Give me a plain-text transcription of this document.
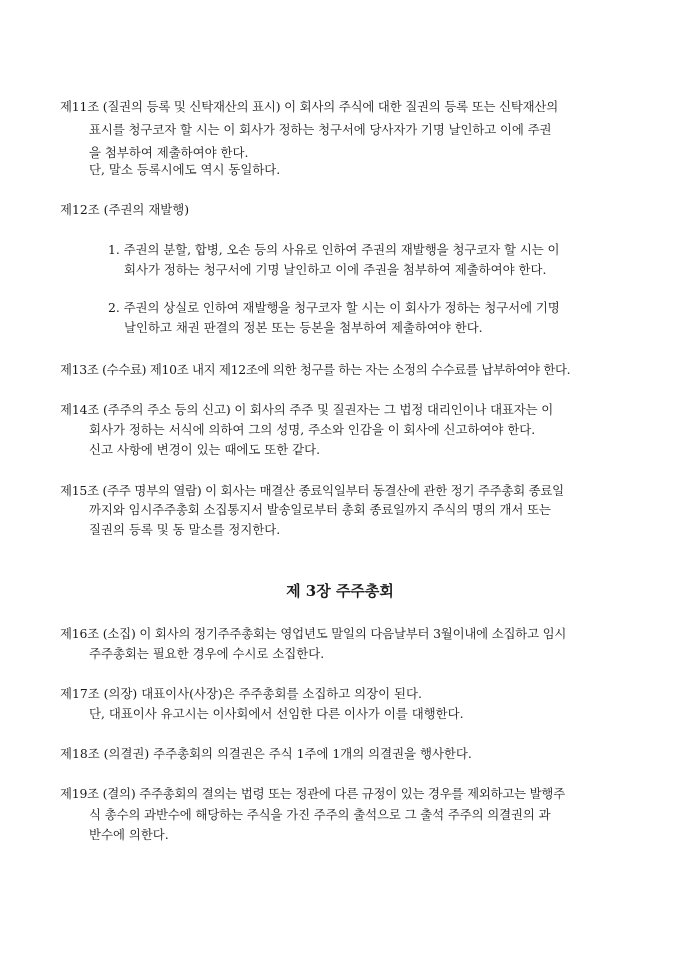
제11조 (질권의 등록 및 신탁재산의 표시) 이 회사의 주식에 대한 질권의 등록 또는 신탁재산의
표시를 청구코자 할 시는 이 회사가 정하는 청구서에 당사자가 기명 날인하고 이에 주권
을 첨부하여 제출하여야 한다.
단, 말소 등록시에도 역시 동일하다.
제12조 (주권의 재발행)
1. 주권의 분할, 합병, 오손 등의 사유로 인하여 주권의 재발행을 청구코자 할 시는 이
회사가 정하는 청구서에 기명 날인하고 이에 주권을 첨부하여 제출하여야 한다.
2. 주권의 상실로 인하여 재발행을 청구코자 할 시는 이 회사가 정하는 청구서에 기명
날인하고 채권 판결의 정본 또는 등본을 첨부하여 제출하여야 한다.
제13조 (수수료) 제10조 내지 제12조에 의한 청구를 하는 자는 소정의 수수료를 납부하여야 한다.
제14조 (주주의 주소 등의 신고) 이 회사의 주주 및 질권자는 그 법정 대리인이나 대표자는 이
회사가 정하는 서식에 의하여 그의 성명, 주소와 인감을 이 회사에 신고하여야 한다.
신고 사항에 변경이 있는 때에도 또한 같다.
제15조 (주주 명부의 열람) 이 회사는 매결산 종료익일부터 동결산에 관한 정기 주주총회 종료일
까지와 임시주주총회 소집통지서 발송일로부터 총회 종료일까지 주식의 명의 개서 또는
질권의 등록 및 동 말소를 정지한다.
제 3장 주주총회
제16조 (소집) 이 회사의 정기주주총회는 영업년도 말일의 다음날부터 3월이내에 소집하고 임시
주주총회는 필요한 경우에 수시로 소집한다.
제17조 (의장) 대표이사(사장)은 주주총회를 소집하고 의장이 된다.
단, 대표이사 유고시는 이사회에서 선임한 다른 이사가 이를 대행한다.
제18조 (의결권) 주주총회의 의결권은 주식 1주에 1개의 의결권을 행사한다.
제19조 (결의) 주주총회의 결의는 법령 또는 정관에 다른 규정이 있는 경우를 제외하고는 발행주
식 총수의 과반수에 해당하는 주식을 가진 주주의 출석으로 그 출석 주주의 의결권의 과
반수에 의한다.
